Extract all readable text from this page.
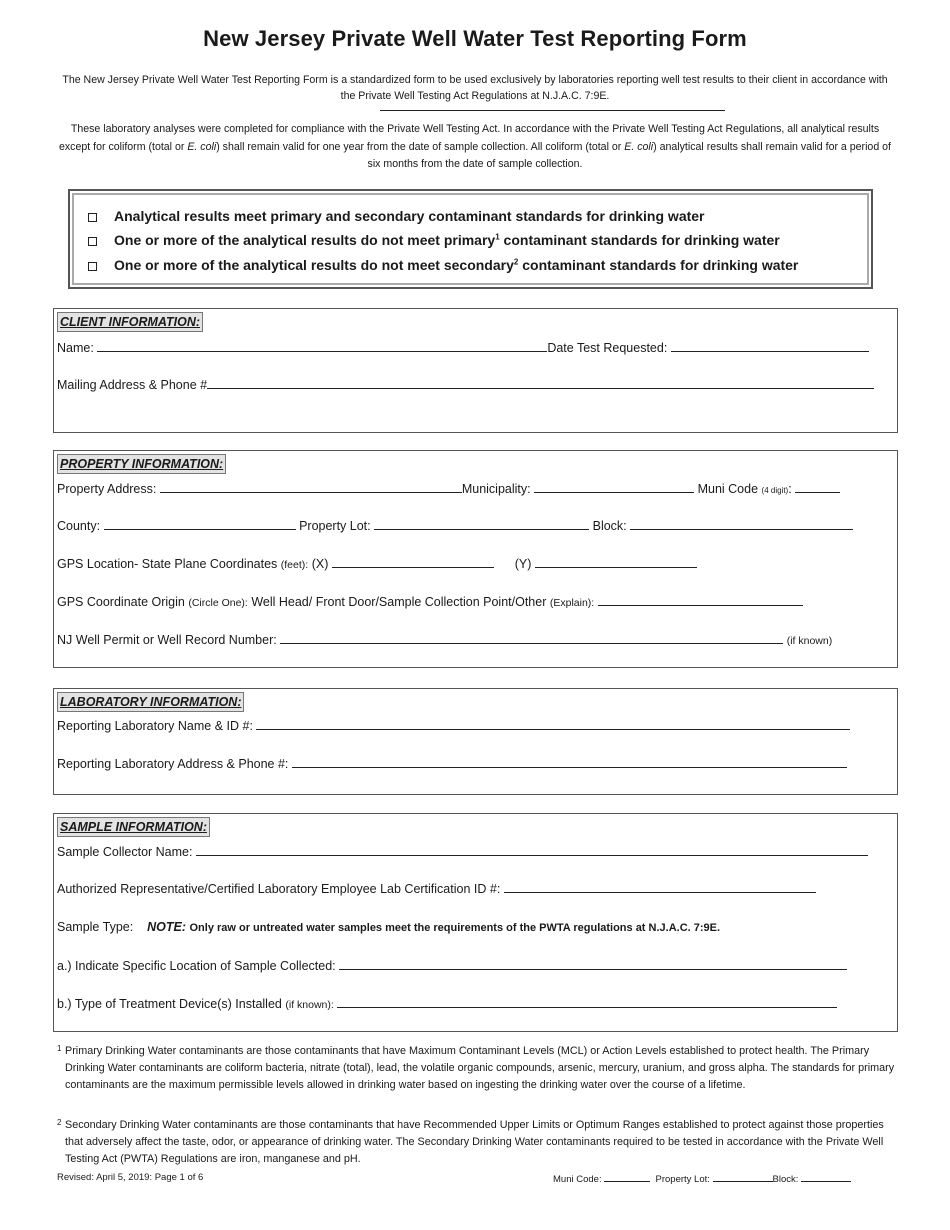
New Jersey Private Well Water Test Reporting Form
The New Jersey Private Well Water Test Reporting Form is a standardized form to be used exclusively by laboratories reporting well test results to their client in accordance with the Private Well Testing Act Regulations at N.J.A.C. 7:9E.
These laboratory analyses were completed for compliance with the Private Well Testing Act. In accordance with the Private Well Testing Act Regulations, all analytical results except for coliform (total or E. coli) shall remain valid for one year from the date of sample collection. All coliform (total or E. coli) analytical results shall remain valid for a period of six months from the date of sample collection.
Analytical results meet primary and secondary contaminant standards for drinking water
One or more of the analytical results do not meet primary$^1$ contaminant standards for drinking water
One or more of the analytical results do not meet secondary$^2$ contaminant standards for drinking water
CLIENT INFORMATION:
Name:	Date Test Requested:
Mailing Address & Phone #
PROPERTY INFORMATION:
Property Address:	Municipality:	Muni Code (4 digit):
County:	Property Lot:	Block:
GPS Location- State Plane Coordinates (feet): (X)	(Y)
GPS Coordinate Origin (Circle One): Well Head/ Front Door/Sample Collection Point/Other (Explain):
NJ Well Permit or Well Record Number:	(if known)
LABORATORY INFORMATION:
Reporting Laboratory Name & ID #:
Reporting Laboratory Address & Phone #:
SAMPLE INFORMATION:
Sample Collector Name:
Authorized Representative/Certified Laboratory Employee Lab Certification ID #:
Sample Type: NOTE: Only raw or untreated water samples meet the requirements of the PWTA regulations at N.J.A.C. 7:9E.
a.) Indicate Specific Location of Sample Collected:
b.) Type of Treatment Device(s) Installed (if known):
1 Primary Drinking Water contaminants are those contaminants that have Maximum Contaminant Levels (MCL) or Action Levels established to protect health. The Primary Drinking Water contaminants are coliform bacteria, nitrate (total), lead, the volatile organic compounds, arsenic, mercury, uranium, and gross alpha. The standards for primary contaminants are the maximum permissible levels allowed in drinking water based on ingesting the drinking water over the course of a lifetime.
2 Secondary Drinking Water contaminants are those contaminants that have Recommended Upper Limits or Optimum Ranges established to protect against those properties that adversely affect the taste, odor, or appearance of drinking water. The Secondary Drinking Water contaminants required to be tested in accordance with the Private Well Testing Act (PWTA) Regulations are iron, manganese and pH.
Revised: April 5, 2019: Page 1 of 6	Muni Code:	Property Lot:	Block:
